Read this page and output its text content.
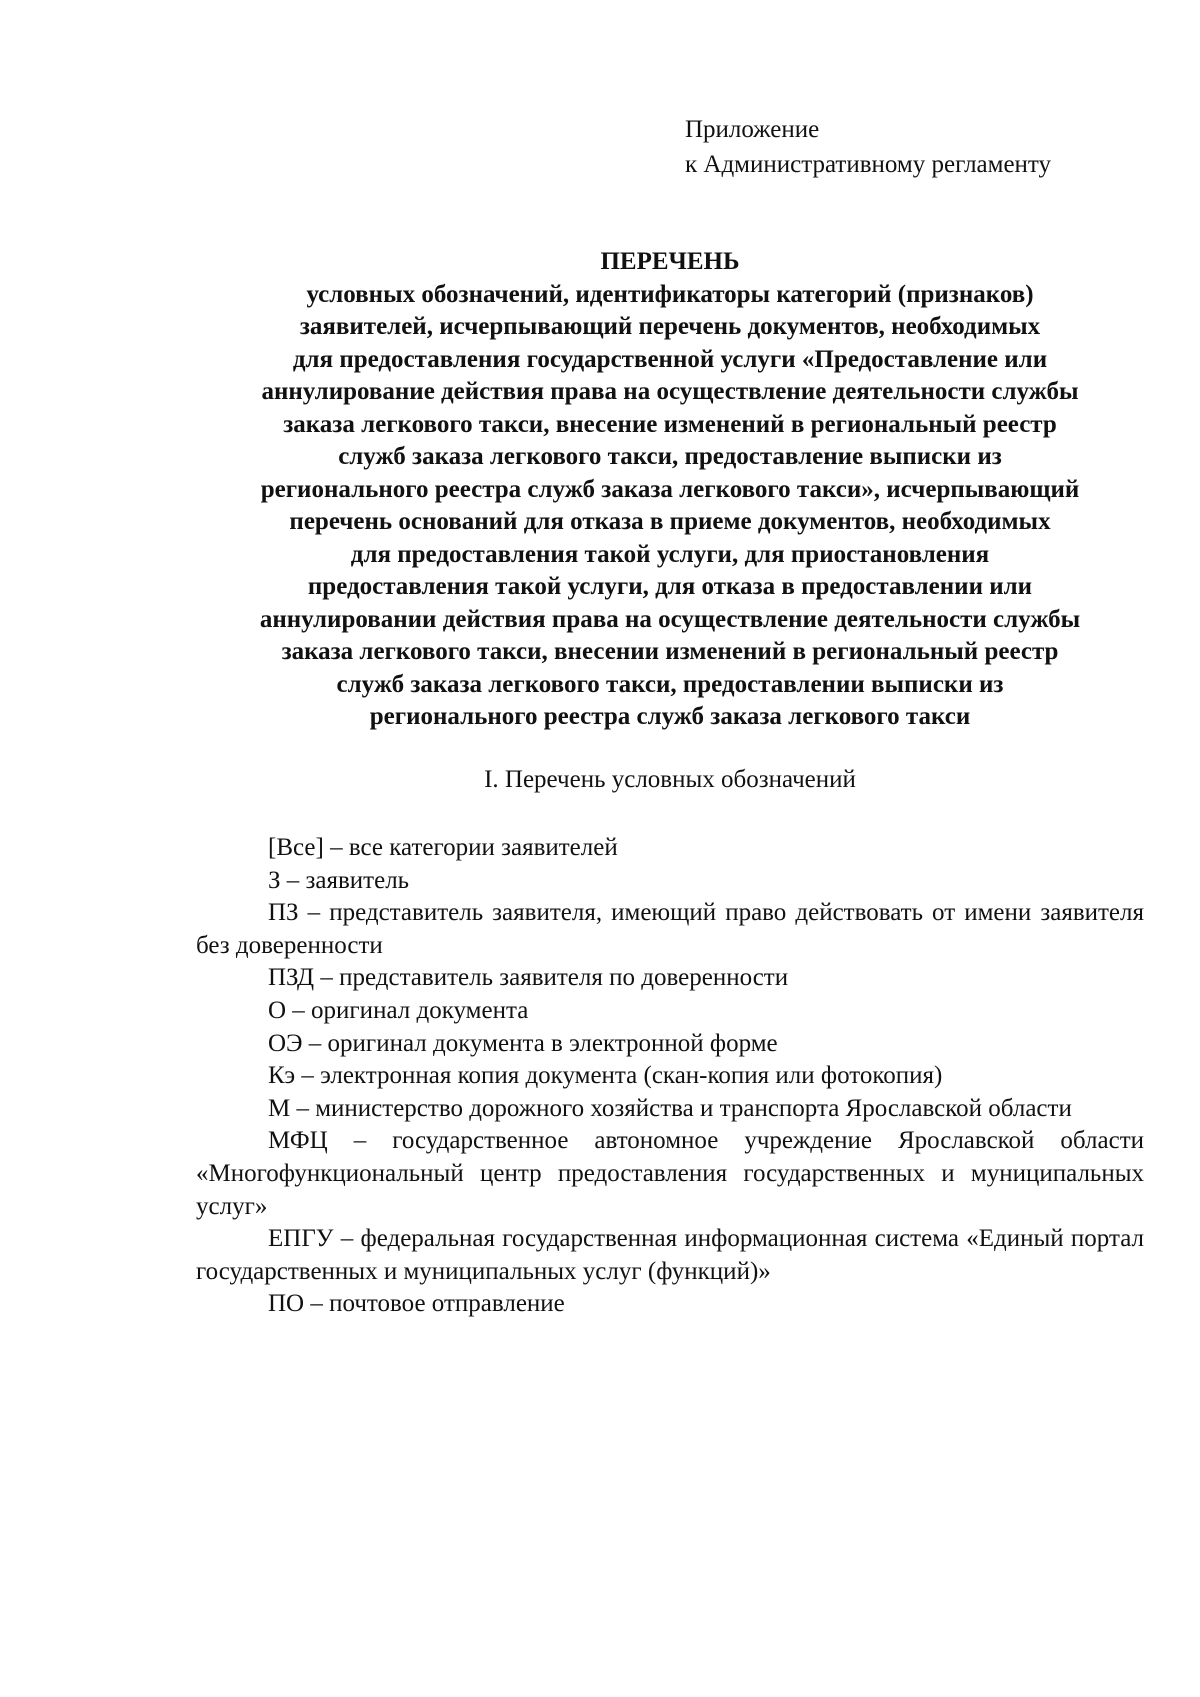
Приложение
к Административному регламенту
ПЕРЕЧЕНЬ
условных обозначений, идентификаторы категорий (признаков)
заявителей, исчерпывающий перечень документов, необходимых
для предоставления государственной услуги «Предоставление или
аннулирование действия права на осуществление деятельности службы
заказа легкового такси, внесение изменений в региональный реестр
служб заказа легкового такси, предоставление выписки из
регионального реестра служб заказа легкового такси», исчерпывающий
перечень оснований для отказа в приеме документов, необходимых
для предоставления такой услуги, для приостановления
предоставления такой услуги, для отказа в предоставлении или
аннулировании действия права на осуществление деятельности службы
заказа легкового такси, внесении изменений в региональный реестр
служб заказа легкового такси, предоставлении выписки из
регионального реестра служб заказа легкового такси
I. Перечень условных обозначений

[Все] – все категории заявителей

З – заявитель

ПЗ – представитель заявителя, имеющий право действовать от имени заявителя без доверенности

ПЗД – представитель заявителя по доверенности

О – оригинал документа

ОЭ – оригинал документа в электронной форме

Кэ – электронная копия документа (скан-копия или фотокопия)

М – министерство дорожного хозяйства и транспорта Ярославской области

МФЦ – государственное автономное учреждение Ярославской области «Многофункциональный центр предоставления государственных и муниципальных услуг»

ЕПГУ – федеральная государственная информационная система «Единый портал государственных и муниципальных услуг (функций)»

ПО – почтовое отправление
